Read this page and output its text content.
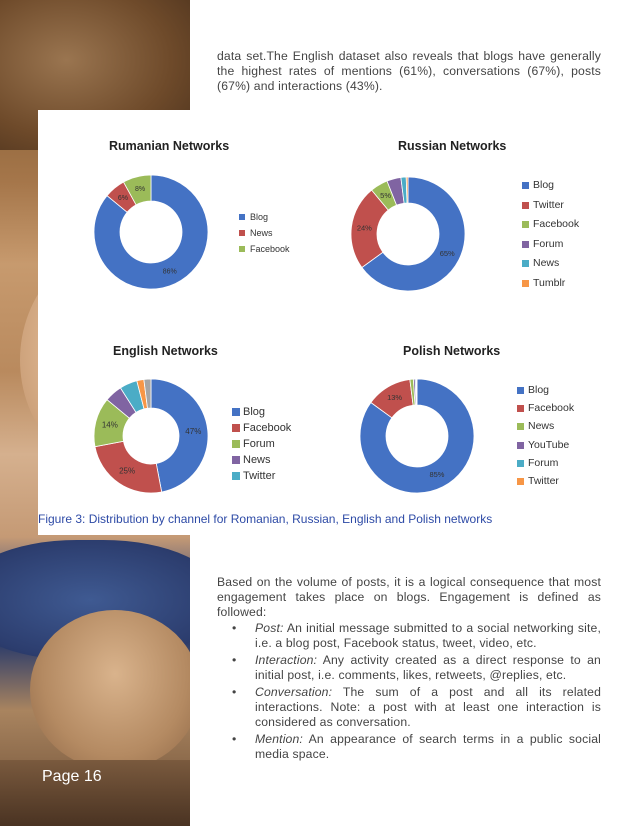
Page 16

data set.The English dataset also reveals that blogs have generally the highest rates of mentions (61%), conversations (67%), posts (67%) and interactions (43%).

Rumanian Networks
86%
6%
8%
Blog
News
Facebook
Russian Networks
65%
24%
5%
Blog
Twitter
Facebook
Forum
News
Tumblr
English Networks
47%
25%
14%
Blog
Facebook
Forum
News
Twitter
Polish Networks
85%
13%
Blog
Facebook
News
YouTube
Forum
Twitter
Figure 3: Distribution by channel for Romanian, Russian, English and Polish networks

Based on the volume of posts, it is a logical consequence that most engagement takes place on blogs. Engagement is defined as followed:

• Post: An initial message submitted to a social networking site, i.e. a blog post, Facebook status, tweet, video, etc.
• Interaction: Any activity created as a direct response to an initial post, i.e. comments, likes, retweets, @replies, etc.
• Conversation: The sum of a post and all its related interactions. Note: a post with at least one interaction is considered as conversation.
• Mention: An appearance of search terms in a public social media space.
